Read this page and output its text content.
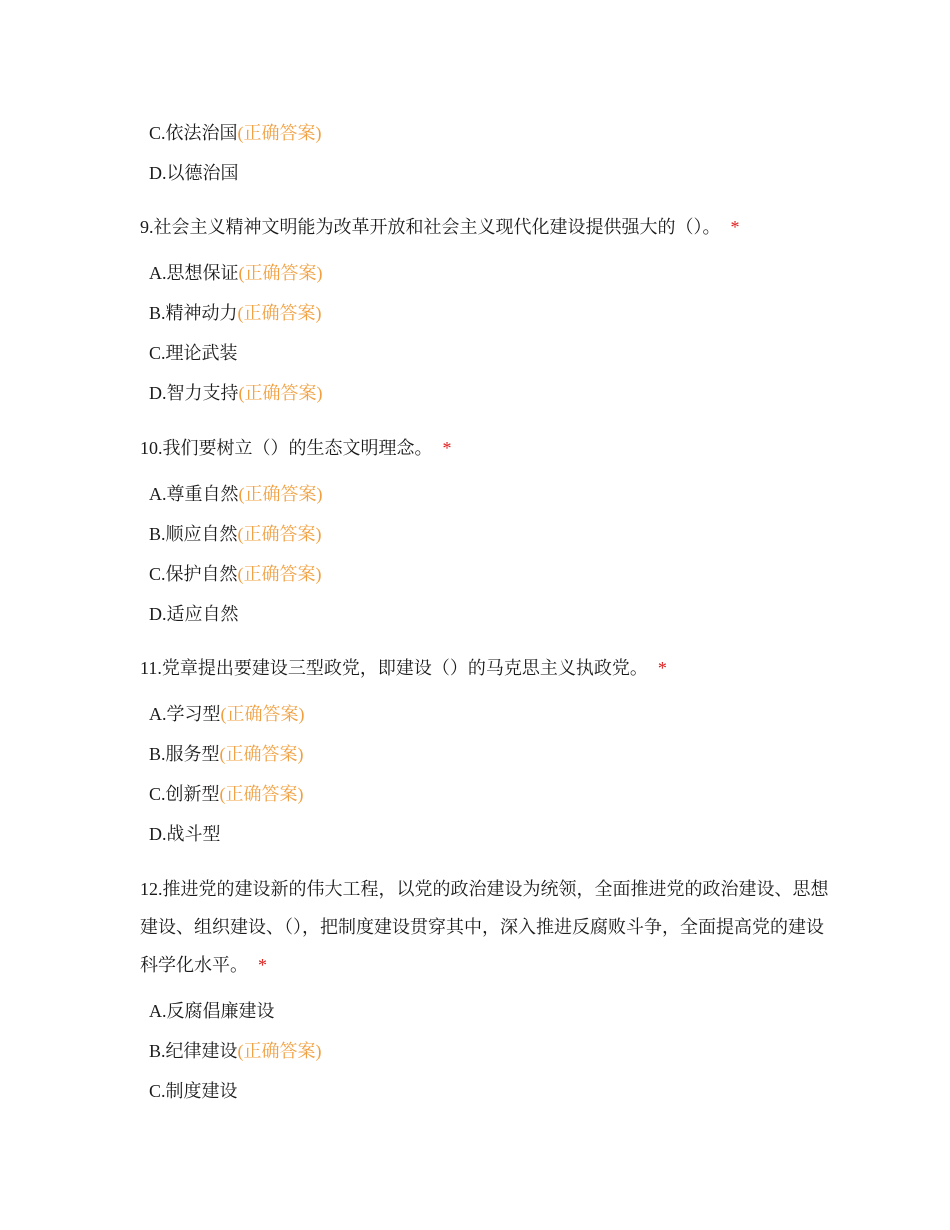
C.依法治国(正确答案)
D.以德治国
9.社会主义精神文明能为改革开放和社会主义现代化建设提供强大的（）。 *
A.思想保证(正确答案)
B.精神动力(正确答案)
C.理论武装
D.智力支持(正确答案)
10.我们要树立（）的生态文明理念。 *
A.尊重自然(正确答案)
B.顺应自然(正确答案)
C.保护自然(正确答案)
D.适应自然
11.党章提出要建设三型政党，即建设（）的马克思主义执政党。 *
A.学习型(正确答案)
B.服务型(正确答案)
C.创新型(正确答案)
D.战斗型
12.推进党的建设新的伟大工程，以党的政治建设为统领，全面推进党的政治建设、思想建设、组织建设、（），把制度建设贯穿其中，深入推进反腐败斗争，全面提高党的建设科学化水平。 *
A.反腐倡廉建设
B.纪律建设(正确答案)
C.制度建设
